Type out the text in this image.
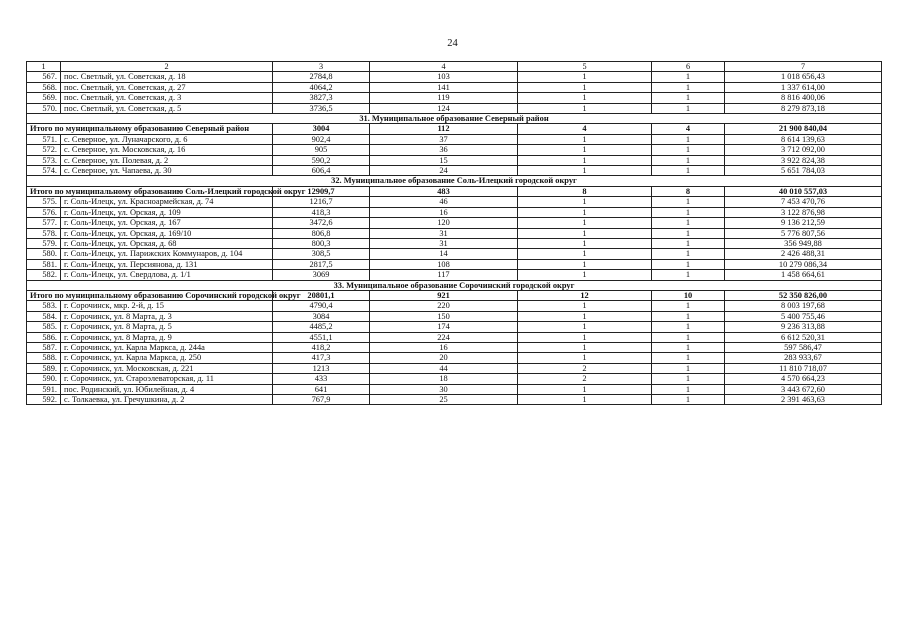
24
1	2	3	4	5	6	7
567.	пос. Светлый, ул. Советская, д. 18	2784,8	103	1	1	1 018 656,43
568.	пос. Светлый, ул. Советская, д. 27	4064,2	141	1	1	1 337 614,00
569.	пос. Светлый, ул. Советская, д. 3	3827,3	119	1	1	8 816 400,06
570.	пос. Светлый, ул. Советская, д. 5	3736,5	124	1	1	8 279 873,18
31. Муниципальное образование Северный район						
Итого по муниципальному образованию Северный район		3004	112	4	4	21 900 840,04
571.	с. Северное, ул. Луначарского, д. 6	902,4	37	1	1	8 614 139,63
572.	с. Северное, ул. Московская, д. 16	905	36	1	1	3 712 092,00
573.	с. Северное, ул. Полевая, д. 2	590,2	15	1	1	3 922 824,38
574.	с. Северное, ул. Чапаева, д. 30	606,4	24	1	1	5 651 784,03
32. Муниципальное образование Соль-Илецкий городской округ						
Итого по муниципальному образованию Соль-Илецкий городской округ		12909,7	483	8	8	40 010 557,03
575.	г. Соль-Илецк, ул. Красноармейская, д. 74	1216,7	46	1	1	7 453 470,76
576.	г. Соль-Илецк, ул. Орская, д. 109	418,3	16	1	1	3 122 876,98
577.	г. Соль-Илецк, ул. Орская, д. 167	3472,6	120	1	1	9 136 212,59
578.	г. Соль-Илецк, ул. Орская, д. 169/10	806,8	31	1	1	5 776 807,56
579.	г. Соль-Илецк, ул. Орская, д. 68	800,3	31	1	1	356 949,88
580.	г. Соль-Илецк, ул. Парижских Коммунаров, д. 104	308,5	14	1	1	2 426 488,31
581.	г. Соль-Илецк, ул. Персиянова, д. 131	2817,5	108	1	1	10 279 086,34
582.	г. Соль-Илецк, ул. Свердлова, д. 1/1	3069	117	1	1	1 458 664,61
33. Муниципальное образование Сорочинский городской округ						
Итого по муниципальному образованию Сорочинский городской округ		20801,1	921	12	10	52 350 826,00
583.	г. Сорочинск, мкр. 2-й, д. 15	4790,4	220	1	1	8 003 197,68
584.	г. Сорочинск, ул. 8 Марта, д. 3	3084	150	1	1	5 400 755,46
585.	г. Сорочинск, ул. 8 Марта, д. 5	4485,2	174	1	1	9 236 313,88
586.	г. Сорочинск, ул. 8 Марта, д. 9	4551,1	224	1	1	6 612 520,31
587.	г. Сорочинск, ул. Карла Маркса, д. 244а	418,2	16	1	1	597 586,47
588.	г. Сорочинск, ул. Карла Маркса, д. 250	417,3	20	1	1	283 933,67
589.	г. Сорочинск, ул. Московская, д. 221	1213	44	2	1	11 810 718,07
590.	г. Сорочинск, ул. Староэлеваторская, д. 11	433	18	2	1	4 570 664,23
591.	пос. Родинский, ул. Юбилейная, д. 4	641	30	1	1	3 443 672,60
592.	с. Толкаевка, ул. Гречушкина, д. 2	767,9	25	1	1	2 391 463,63
